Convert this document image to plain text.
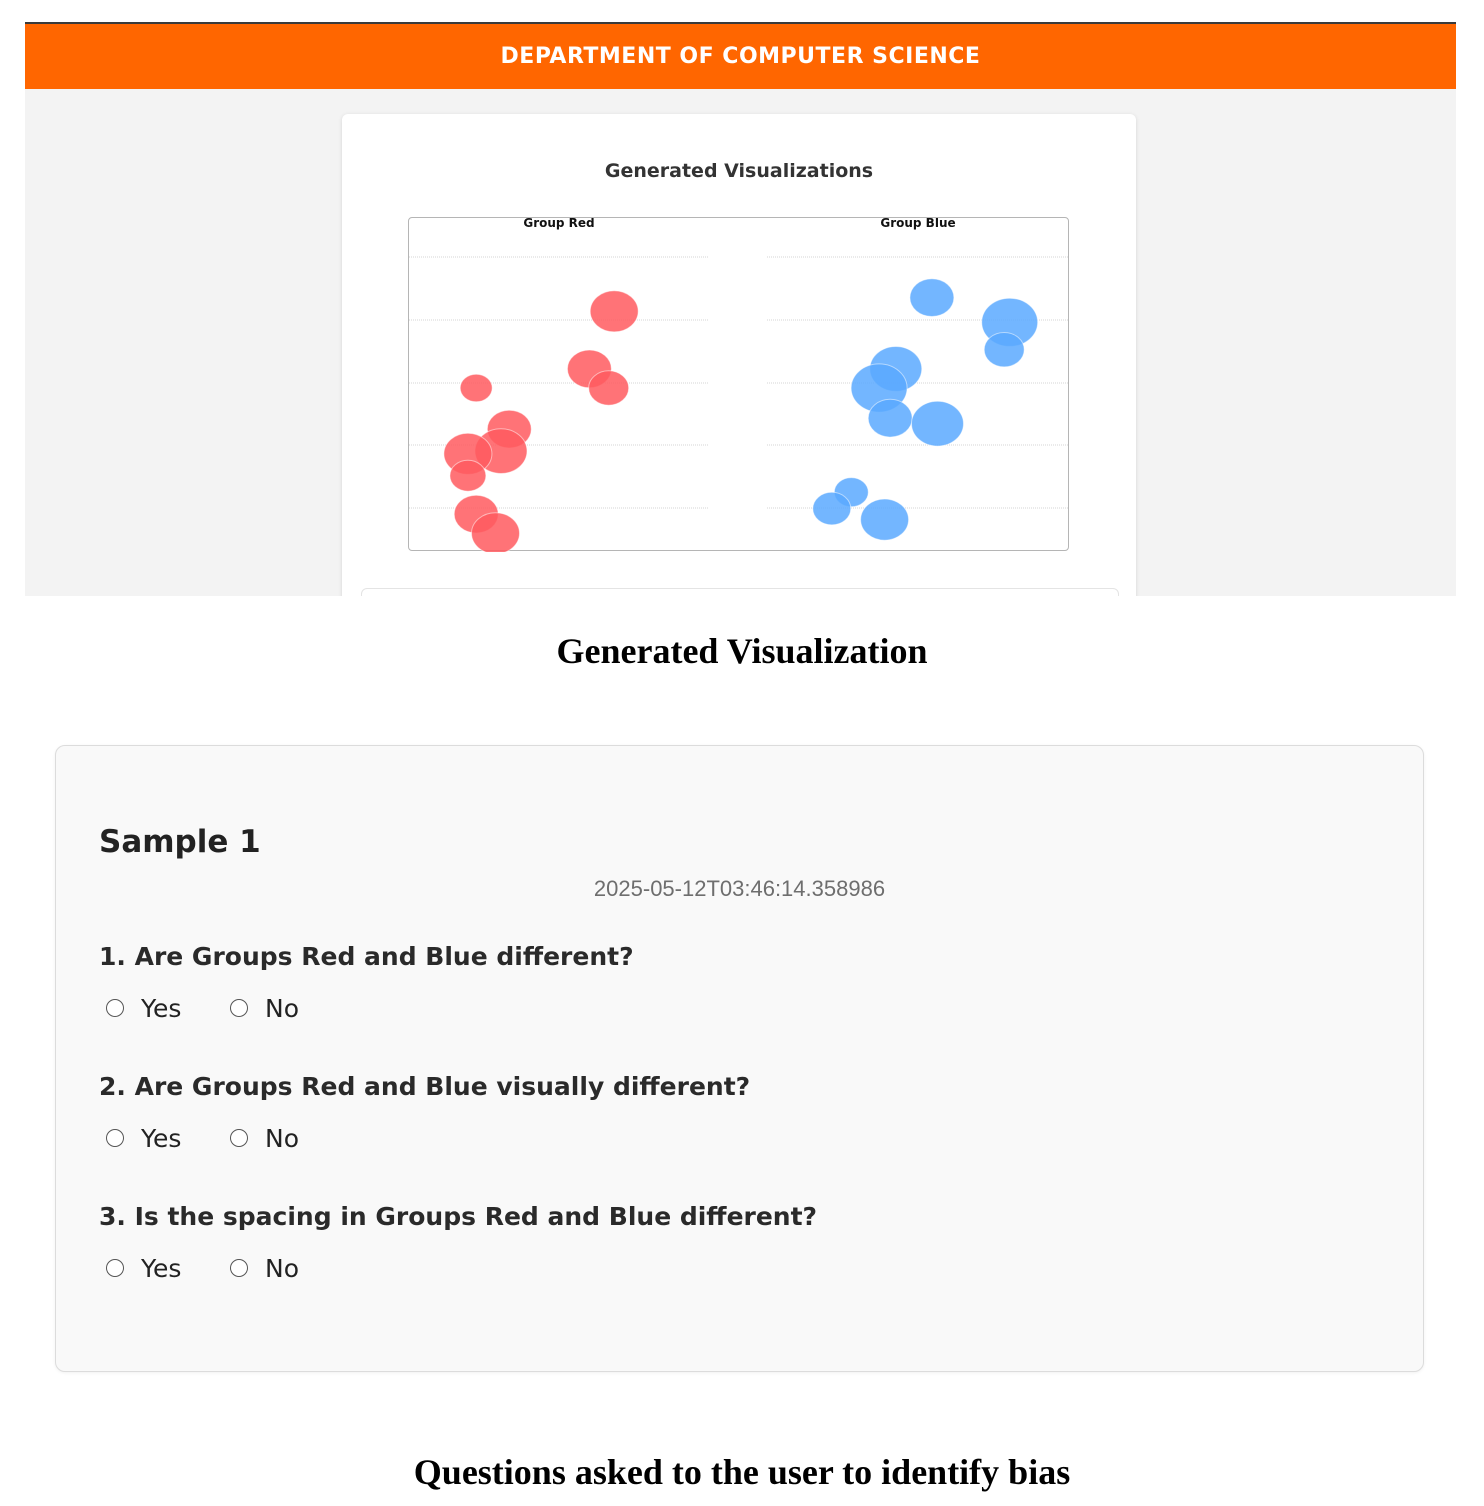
DEPARTMENT OF COMPUTER SCIENCE
Generated Visualizations
Group Red	Group Blue
Generated Visualization
Sample 1
2025-05-12T03:46:14.358986
1. Are Groups Red and Blue different?
Yes	No
2. Are Groups Red and Blue visually different?
Yes	No
3. Is the spacing in Groups Red and Blue different?
Yes	No
Questions asked to the user to identify bias
